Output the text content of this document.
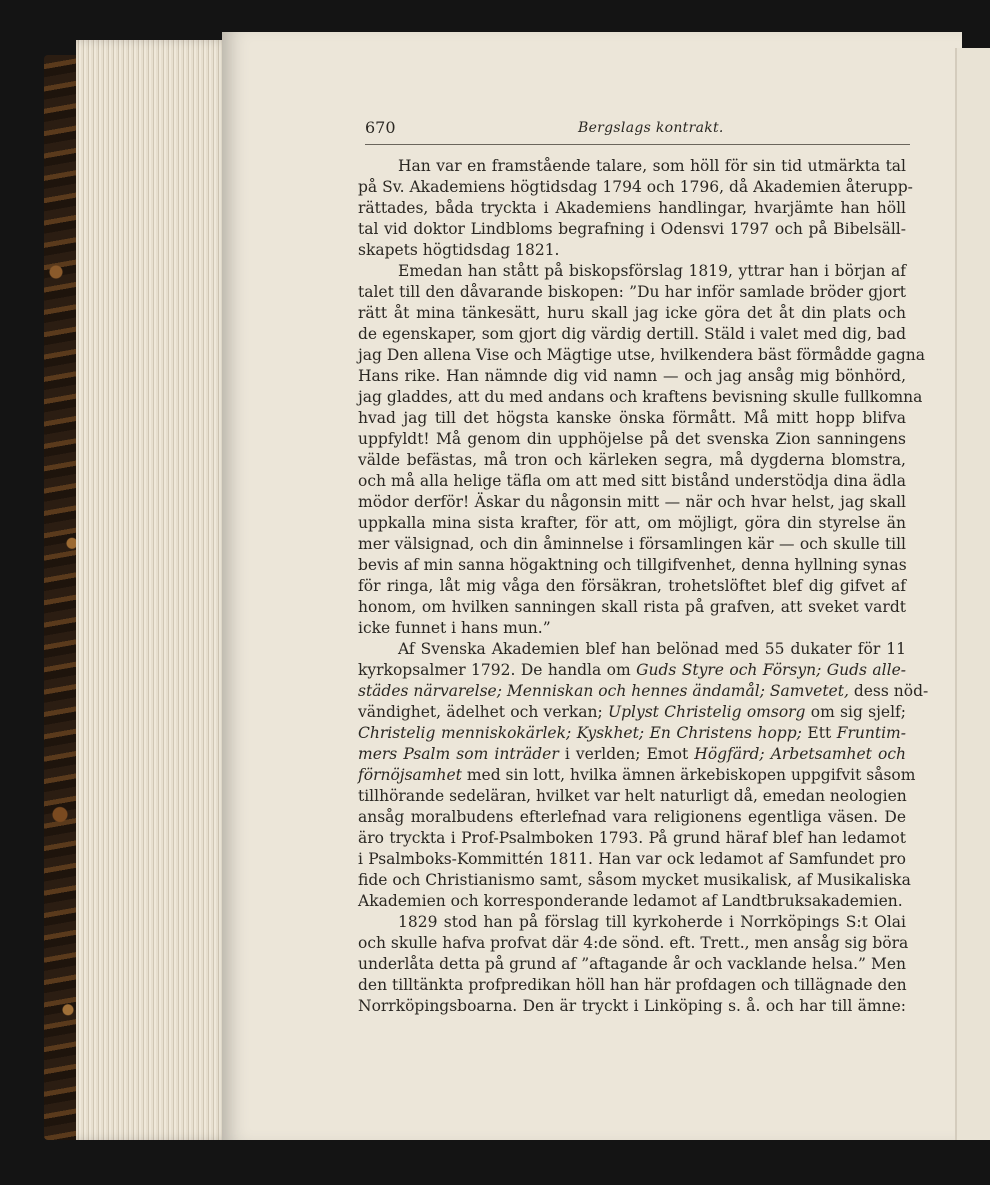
670	Bergslags kontrakt.
Han var en framstående talare, som höll för sin tid utmärkta tal
på Sv. Akademiens högtidsdag 1794 och 1796, då Akademien återupp-
rättades, båda tryckta i Akademiens handlingar, hvarjämte han höll
tal vid doktor Lindbloms begrafning i Odensvi 1797 och på Bibelsäll-
skapets högtidsdag 1821.
Emedan han stått på biskopsförslag 1819, yttrar han i början af
talet till den dåvarande biskopen: ”Du har inför samlade bröder gjort
rätt åt mina tänkesätt, huru skall jag icke göra det åt din plats och
de egenskaper, som gjort dig värdig dertill. Stäld i valet med dig, bad
jag Den allena Vise och Mägtige utse, hvilkendera bäst förmådde gagna
Hans rike. Han nämnde dig vid namn — och jag ansåg mig bönhörd,
jag gladdes, att du med andans och kraftens bevisning skulle fullkomna
hvad jag till det högsta kanske önska förmått. Må mitt hopp blifva
uppfyldt! Må genom din upphöjelse på det svenska Zion sanningens
välde befästas, må tron och kärleken segra, må dygderna blomstra,
och må alla helige täfla om att med sitt bistånd understödja dina ädla
mödor derför! Äskar du någonsin mitt — när och hvar helst, jag skall
uppkalla mina sista krafter, för att, om möjligt, göra din styrelse än
mer välsignad, och din åminnelse i församlingen kär — och skulle till
bevis af min sanna högaktning och tillgifvenhet, denna hyllning synas
för ringa, låt mig våga den försäkran, trohetslöftet blef dig gifvet af
honom, om hvilken sanningen skall rista på grafven, att sveket vardt
icke funnet i hans mun.”
Af Svenska Akademien blef han belönad med 55 dukater för 11
kyrkopsalmer 1792. De handla om Guds Styre och Försyn; Guds alle-
städes närvarelse; Menniskan och hennes ändamål; Samvetet, dess nöd-
vändighet, ädelhet och verkan; Uplyst Christelig omsorg om sig sjelf;
Christelig menniskokärlek; Kyskhet; En Christens hopp; Ett Fruntim-
mers Psalm som inträder i verlden; Emot Högfärd; Arbetsamhet och
förnöjsamhet med sin lott, hvilka ämnen ärkebiskopen uppgifvit såsom
tillhörande sedeläran, hvilket var helt naturligt då, emedan neologien
ansåg moralbudens efterlefnad vara religionens egentliga väsen. De
äro tryckta i Prof-Psalmboken 1793. På grund häraf blef han ledamot
i Psalmboks-Kommittén 1811. Han var ock ledamot af Samfundet pro
fide och Christianismo samt, såsom mycket musikalisk, af Musikaliska
Akademien och korresponderande ledamot af Landtbruksakademien.
1829 stod han på förslag till kyrkoherde i Norrköpings S:t Olai
och skulle hafva profvat där 4:de sönd. eft. Trett., men ansåg sig böra
underlåta detta på grund af ”aftagande år och vacklande helsa.” Men
den tilltänkta profpredikan höll han här profdagen och tillägnade den
Norrköpingsboarna. Den är tryckt i Linköping s. å. och har till ämne:
